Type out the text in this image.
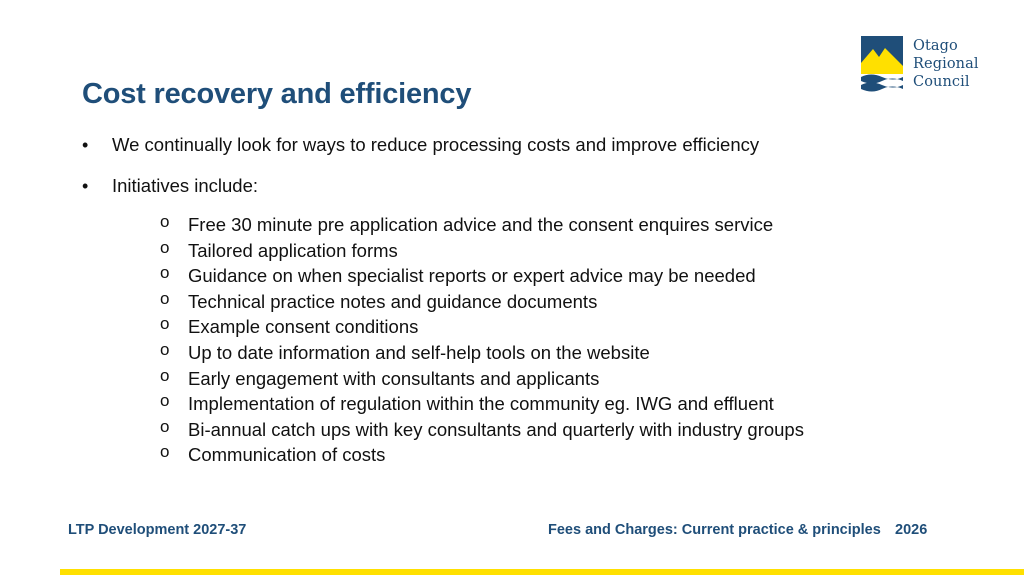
Otago
Regional
Council
Cost recovery and efficiency
• We continually look for ways to reduce processing costs and improve efficiency
• Initiatives include:
o Free 30 minute pre application advice and the consent enquires service
o Tailored application forms
o Guidance on when specialist reports or expert advice may be needed
o Technical practice notes and guidance documents
o Example consent conditions
o Up to date information and self-help tools on the website
o Early engagement with consultants and applicants
o Implementation of regulation within the community eg. IWG and effluent
o Bi-annual catch ups with key consultants and quarterly with industry groups
o Communication of costs
LTP Development 2027-37	Fees and Charges: Current practice & principles 2026
